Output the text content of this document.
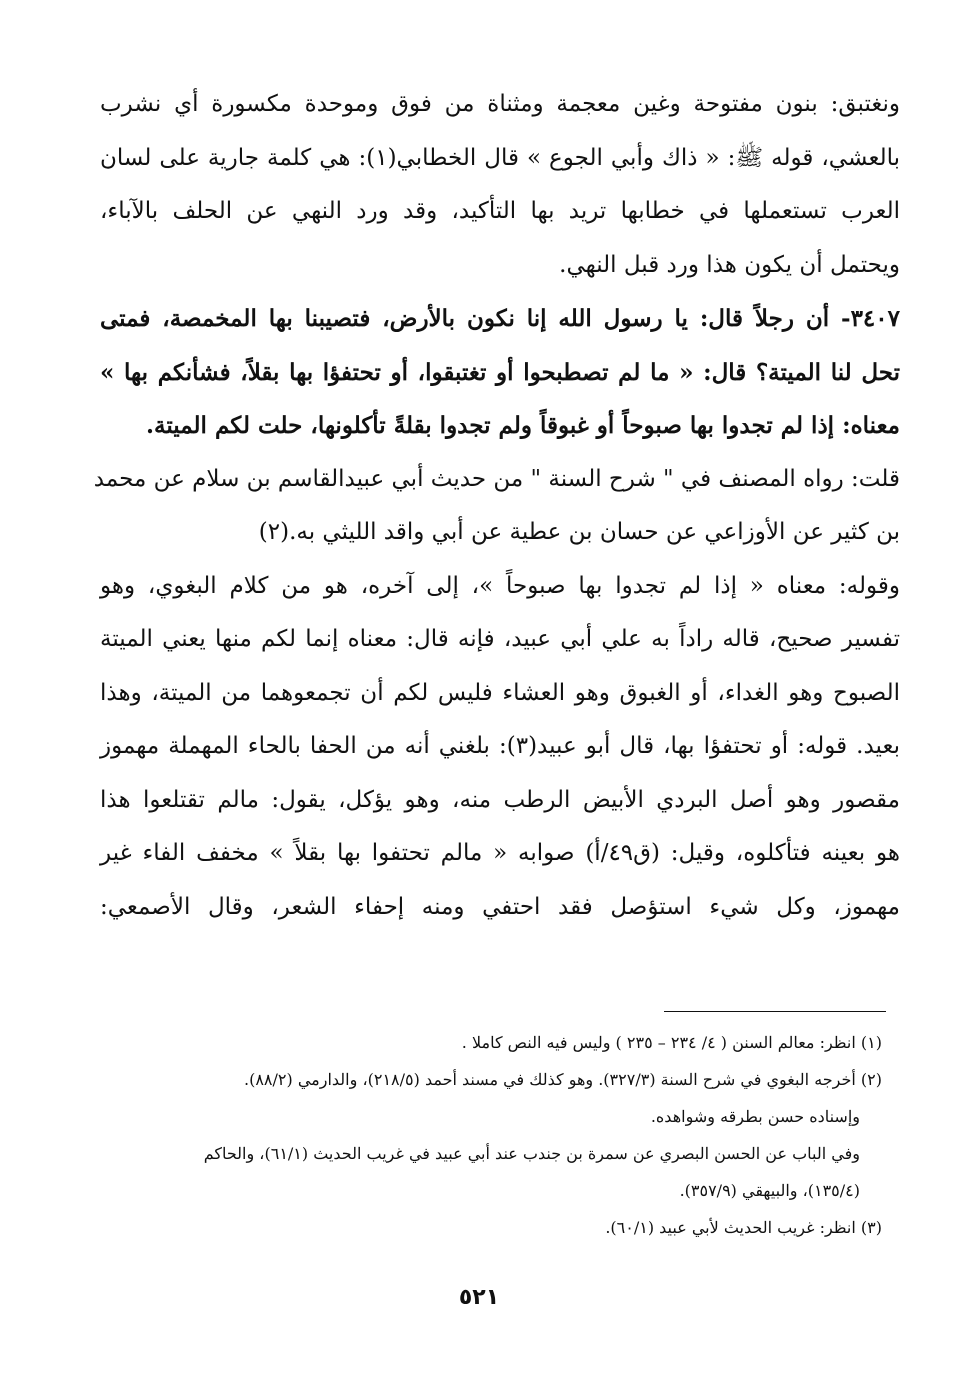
ونغتبق: بنون مفتوحة وغين معجمة ومثناة من فوق وموحدة مكسورة أي نشرب
بالعشي، قوله ﷺ: « ذاك وأبي الجوع » قال الخطابي(١): هي كلمة جارية على لسان
العرب تستعملها في خطابها تريد بها التأكيد، وقد ورد النهي عن الحلف بالآباء،
ويحتمل أن يكون هذا ورد قبل النهي.
٣٤٠٧- أن رجلاً قال: يا رسول الله إنا نكون بالأرض، فتصيبنا بها المخمصة، فمتى
تحل لنا الميتة؟ قال: « ما لم تصطبحوا أو تغتبقوا، أو تحتفؤا بها بقلاً، فشأنكم بها »
معناه: إذا لم تجدوا بها صبوحاً أو غبوقاً ولم تجدوا بقلةً تأكلونها، حلت لكم الميتة.
قلت: رواه المصنف في " شرح السنة " من حديث أبي عبيدالقاسم بن سلام عن محمد
بن كثير عن الأوزاعي عن حسان بن عطية عن أبي واقد الليثي به.(٢)
وقوله: معناه « إذا لم تجدوا بها صبوحاً »، إلى آخره، هو من كلام البغوي، وهو
تفسير صحيح، قاله راداً به علي أبي عبيد، فإنه قال: معناه إنما لكم منها يعني الميتة
الصبوح وهو الغداء، أو الغبوق وهو العشاء فليس لكم أن تجمعوهما من الميتة، وهذا
بعيد. قوله: أو تحتفؤا بها، قال أبو عبيد(٣): بلغني أنه من الحفا بالحاء المهملة مهموز
مقصور وهو أصل البردي الأبيض الرطب منه، وهو يؤكل، يقول: مالم تقتلعوا هذا
هو بعينه فتأكلوه، وقيل: (ق٤٩/أ) صوابه « مالم تحتفوا بها بقلاً » مخفف الفاء غير
مهموز، وكل شيء استؤصل فقد احتفي ومنه إحفاء الشعر، وقال الأصمعي:
(١) انظر: معالم السنن ( ٤/ ٢٣٤ – ٢٣٥ ) وليس فيه النص كاملا .
(٢) أخرجه البغوي في شرح السنة (٣٢٧/٣). وهو كذلك في مسند أحمد (٢١٨/٥)، والدارمي (٨٨/٢).
وإسناده حسن بطرقه وشواهده.
وفي الباب عن الحسن البصري عن سمرة بن جندب عند أبي عبيد في غريب الحديث (٦١/١)، والحاكم
(١٣٥/٤)، والبيهقي (٣٥٧/٩).
(٣) انظر: غريب الحديث لأبي عبيد (٦٠/١).
٥٢١
